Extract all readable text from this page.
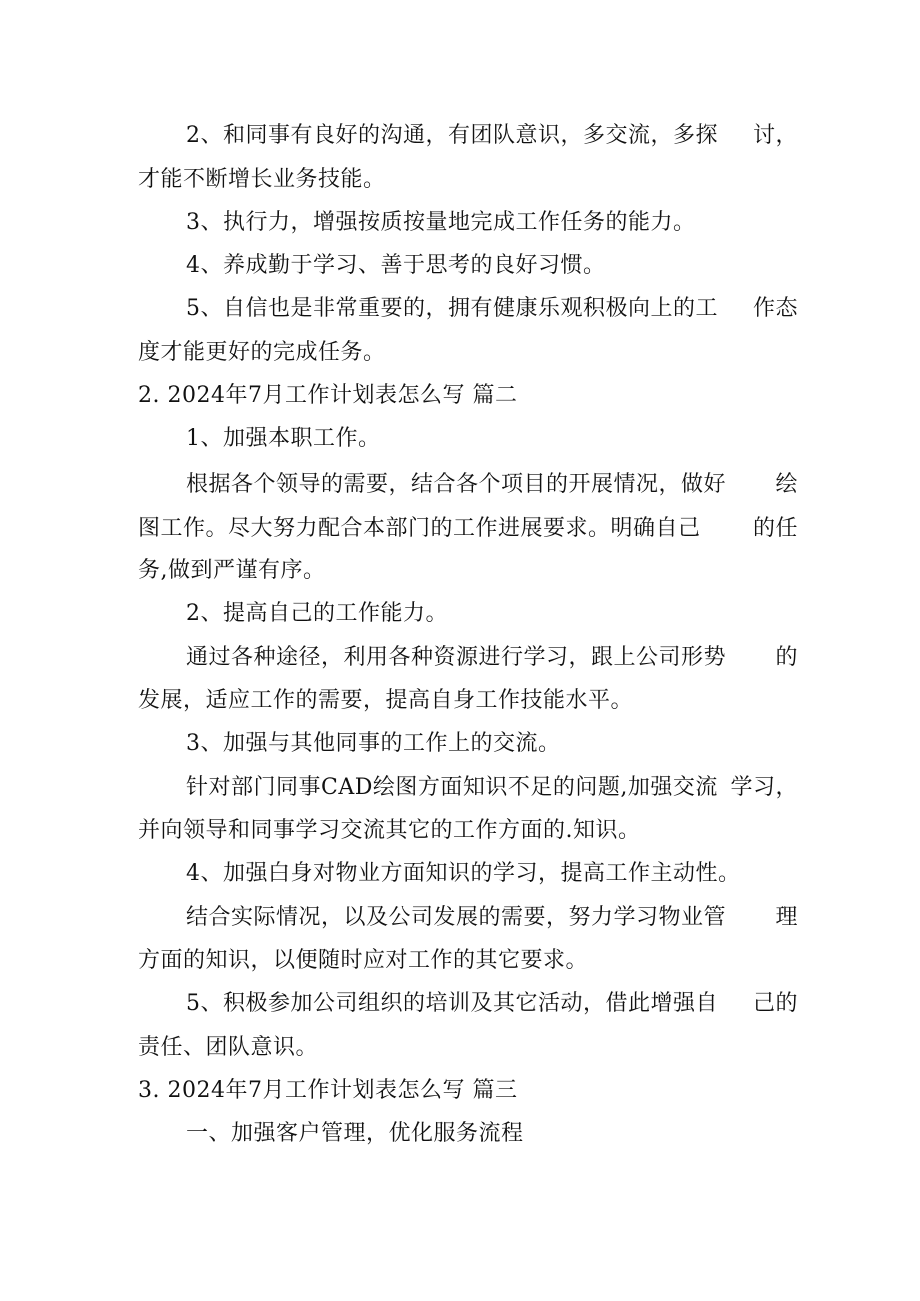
2、和同事有良好的沟通，有团队意识，多交流，多探 讨，
才能不断增长业务技能。
3、执行力，增强按质按量地完成工作任务的能力。
4、养成勤于学习、善于思考的良好习惯。
5、自信也是非常重要的，拥有健康乐观积极向上的工 作态
度才能更好的完成任务。
2. 2024年7月工作计划表怎么写 篇二
1、加强本职工作。
根据各个领导的需要，结合各个项目的开展情况，做好 绘
图工作。尽大努力配合本部门的工作进展要求。明确自己 的任
务,做到严谨有序。
2、提高自己的工作能力。
通过各种途径，利用各种资源进行学习，跟上公司形势 的
发展，适应工作的需要，提高自身工作技能水平。
3、加强与其他同事的工作上的交流。
针对部门同事CAD绘图方面知识不足的问题,加强交流 学习，
并向领导和同事学习交流其它的工作方面的.知识。
4、加强白身对物业方面知识的学习，提高工作主动性。
结合实际情况，以及公司发展的需要，努力学习物业管 理
方面的知识，以便随时应对工作的其它要求。
5、积极参加公司组织的培训及其它活动，借此增强自 己的
责任、团队意识。
3. 2024年7月工作计划表怎么写 篇三
一、加强客户管理，优化服务流程
